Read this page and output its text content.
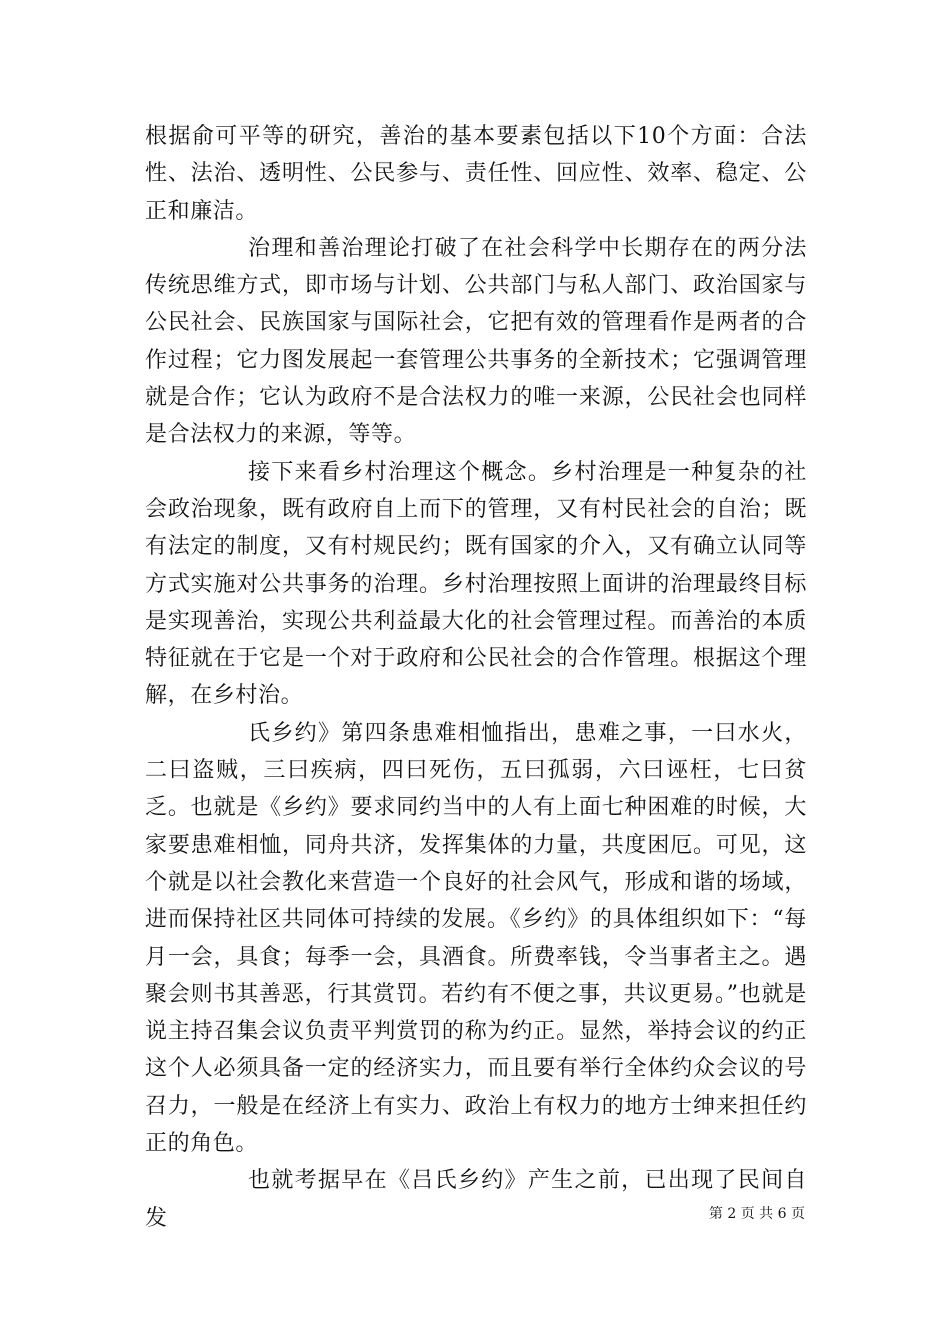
根据俞可平等的研究，善治的基本要素包括以下10个方面：合法性、法治、透明性、公民参与、责任性、回应性、效率、稳定、公正和廉洁。

治理和善治理论打破了在社会科学中长期存在的两分法传统思维方式，即市场与计划、公共部门与私人部门、政治国家与公民社会、民族国家与国际社会，它把有效的管理看作是两者的合作过程；它力图发展起一套管理公共事务的全新技术；它强调管理就是合作；它认为政府不是合法权力的唯一来源，公民社会也同样是合法权力的来源，等等。

接下来看乡村治理这个概念。乡村治理是一种复杂的社会政治现象，既有政府自上而下的管理，又有村民社会的自治；既有法定的制度，又有村规民约；既有国家的介入，又有确立认同等方式实施对公共事务的治理。乡村治理按照上面讲的治理最终目标是实现善治，实现公共利益最大化的社会管理过程。而善治的本质特征就在于它是一个对于政府和公民社会的合作管理。根据这个理解，在乡村治。

氏乡约》第四条患难相恤指出，患难之事，一曰水火，二曰盗贼，三曰疾病，四曰死伤，五曰孤弱，六曰诬枉，七曰贫乏。也就是《乡约》要求同约当中的人有上面七种困难的时候，大家要患难相恤，同舟共济，发挥集体的力量，共度困厄。可见，这个就是以社会教化来营造一个良好的社会风气，形成和谐的场域，进而保持社区共同体可持续的发展。《乡约》的具体组织如下：“每月一会，具食；每季一会，具酒食。所费率钱，令当事者主之。遇聚会则书其善恶，行其赏罚。若约有不便之事，共议更易。”也就是说主持召集会议负责平判赏罚的称为约正。显然，举持会议的约正这个人必须具备一定的经济实力，而且要有举行全体约众会议的号召力，一般是在经济上有实力、政治上有权力的地方士绅来担任约正的角色。

也就考据早在《吕氏乡约》产生之前，已出现了民间自发	第 2 页 共 6 页
